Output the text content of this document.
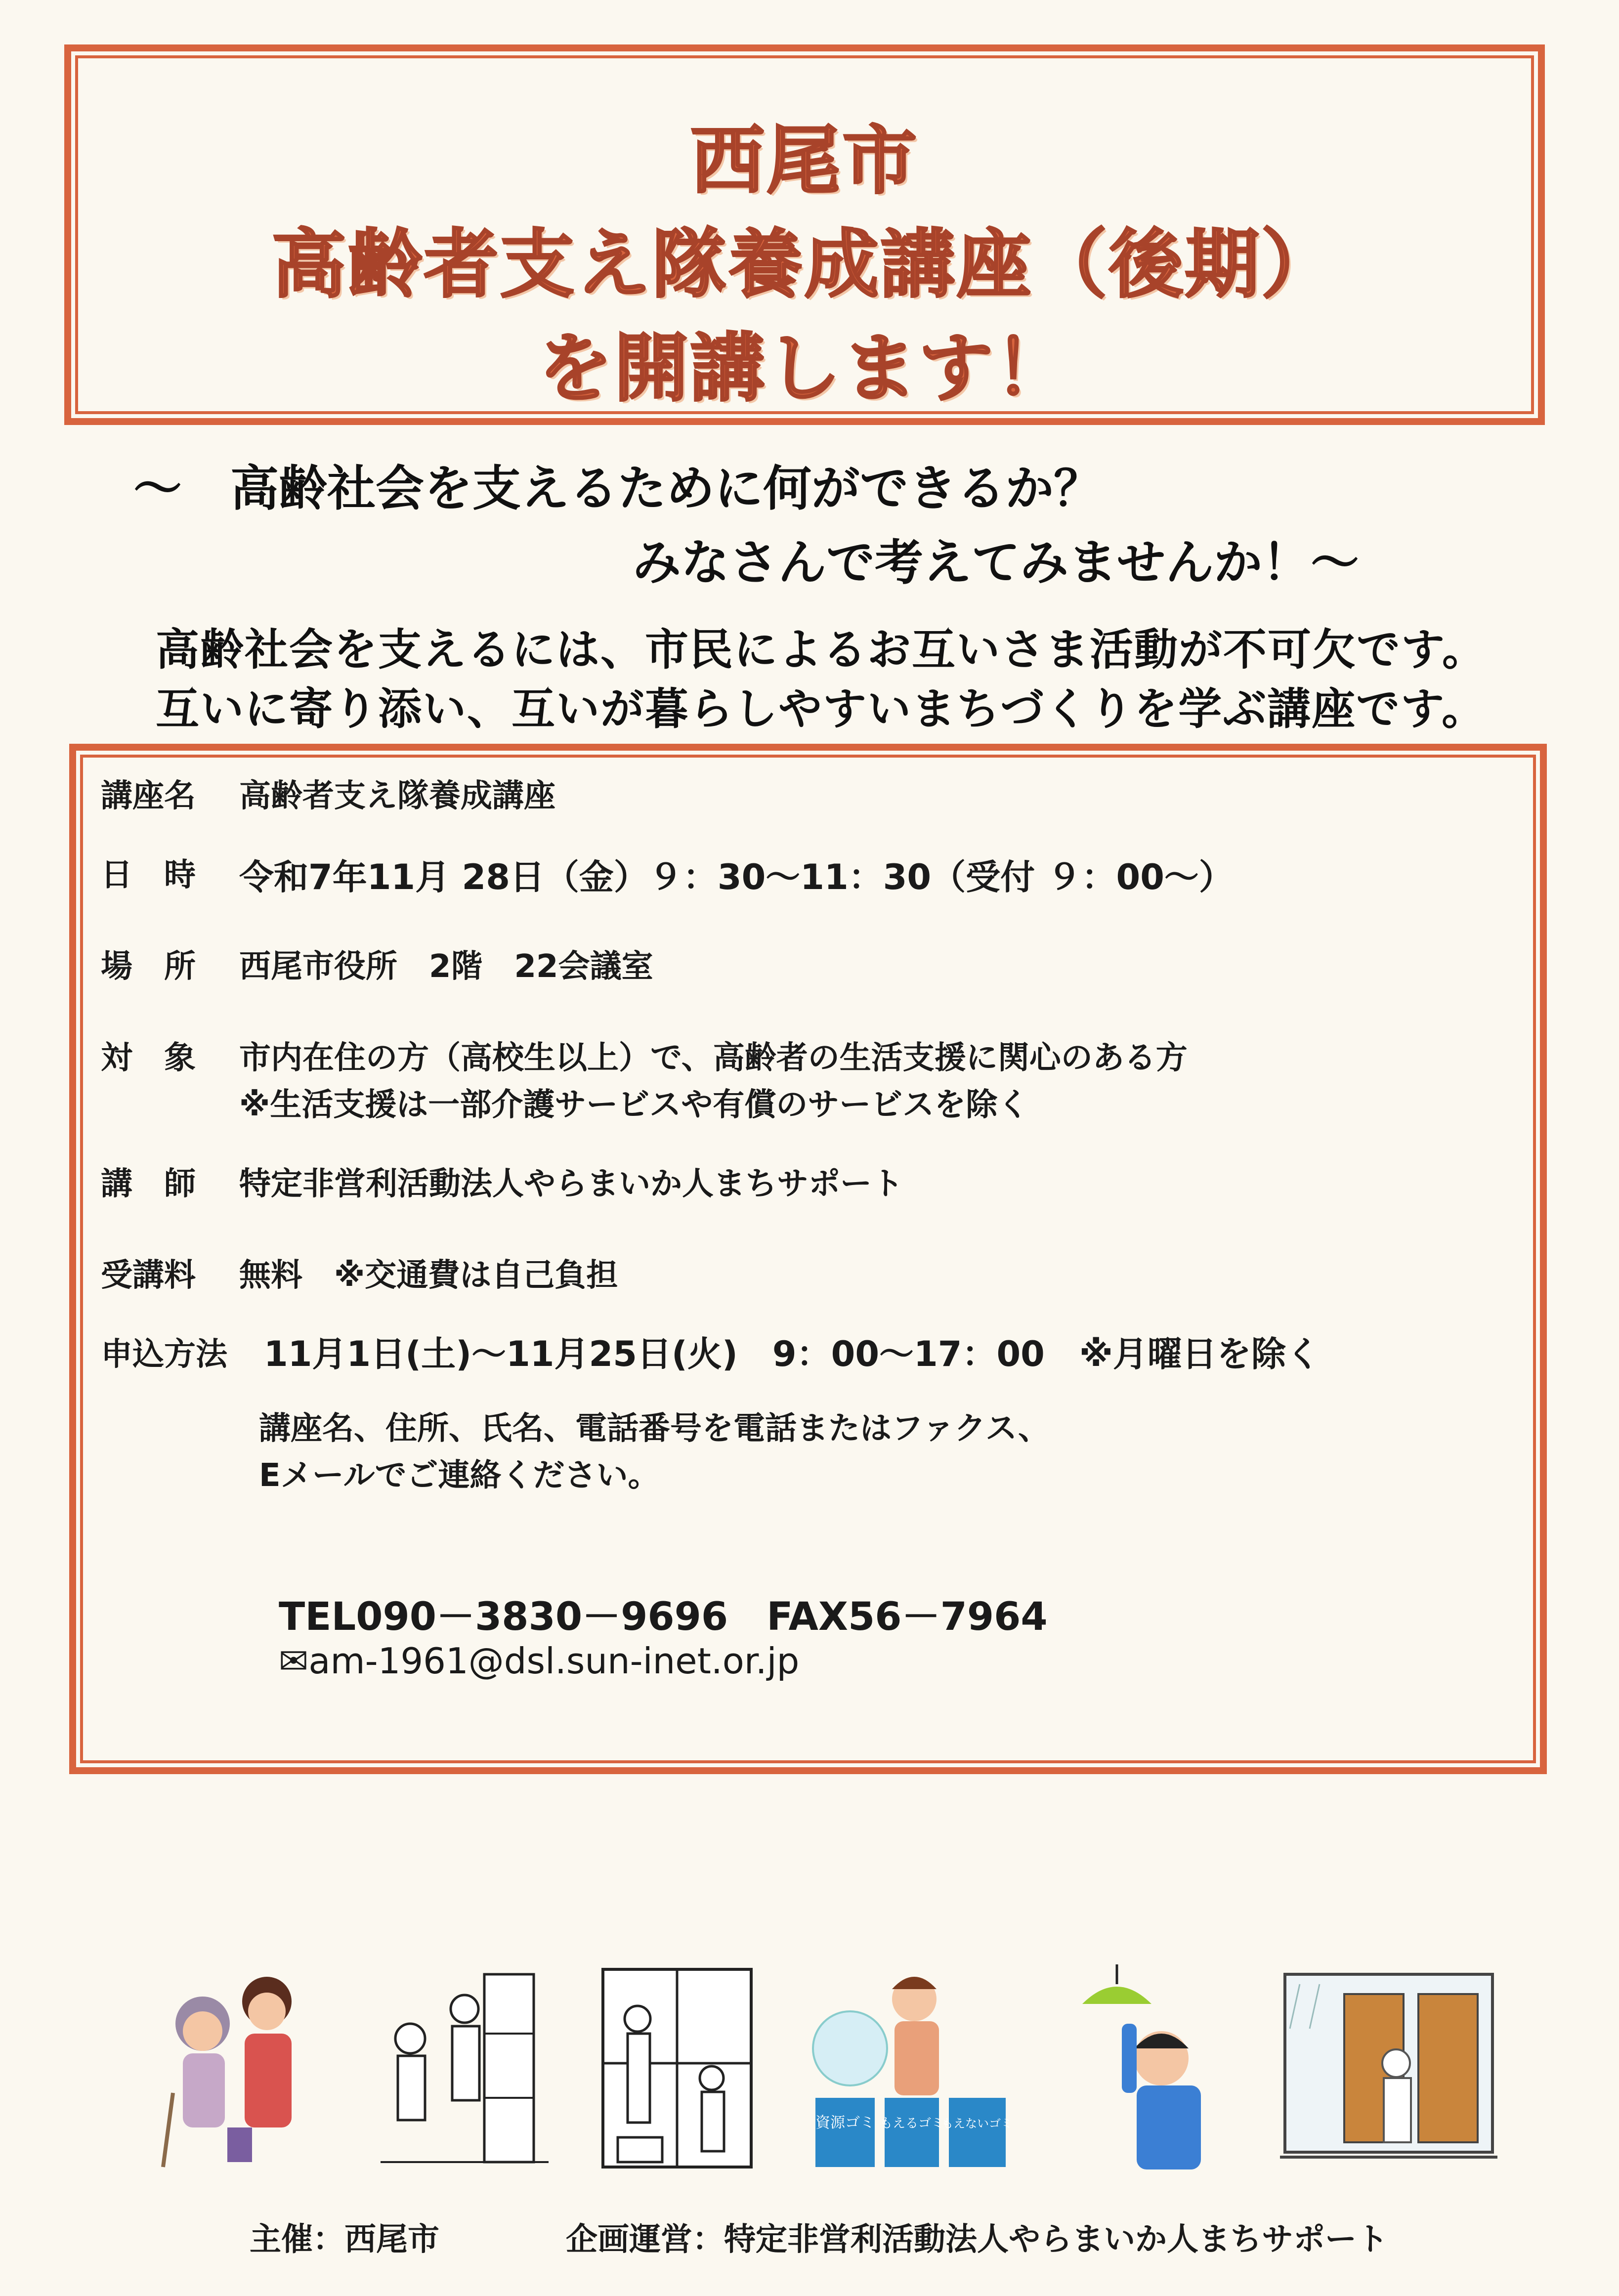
西尾市
高齢者支え隊養成講座（後期）
を開講します！
～　高齢社会を支えるために何ができるか？
みなさんで考えてみませんか！～
高齢社会を支えるには、市民によるお互いさま活動が不可欠です。
互いに寄り添い、互いが暮らしやすいまちづくりを学ぶ講座です。
講座名 高齢者支え隊養成講座
日　時 令和7年11月 28日（金）９：30～11：30（受付 ９：00～）
場　所 西尾市役所　2階　22会議室
対　象 市内在住の方（高校生以上）で、高齢者の生活支援に関心のある方
※生活支援は一部介護サービスや有償のサービスを除く
講　師 特定非営利活動法人やらまいか人まちサポート
受講料 無料　※交通費は自己負担
申込方法 11月1日(土)～11月25日(火)　9：00～17：00　※月曜日を除く
講座名、住所、氏名、電話番号を電話またはファクス、
Eメールでご連絡ください。
TEL090－3830－9696　FAX56－7964
✉am-1961@dsl.sun-inet.or.jp
資源ゴミ もえるゴミ
もえないゴミ
主催：西尾市	企画運営：特定非営利活動法人やらまいか人まちサポート
